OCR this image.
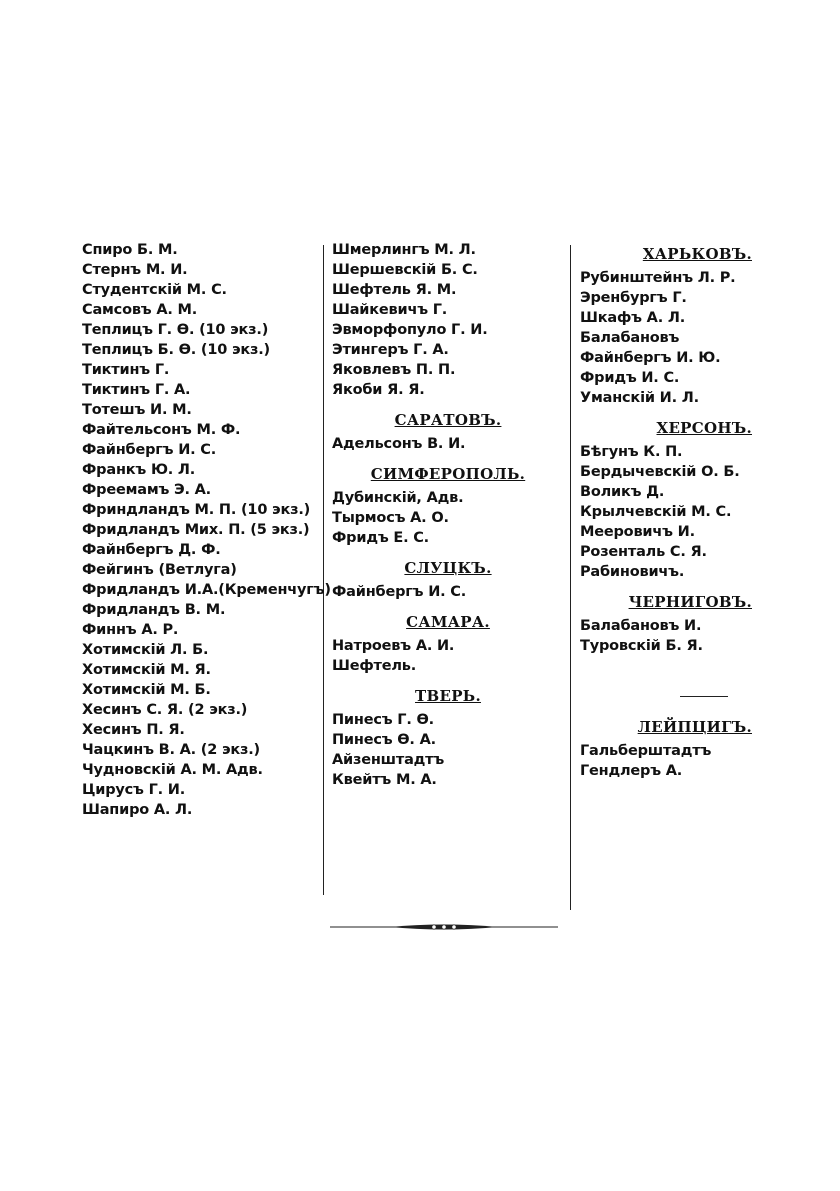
Спиро Б. М.
Стернъ М. И.
Студентскій М. С.
Самсовъ А. М.
Теплицъ Г. Ѳ. (10 экз.)
Теплицъ Б. Ѳ. (10 экз.)
Тиктинъ Г.
Тиктинъ Г. А.
Тотешъ И. М.
Файтельсонъ М. Ф.
Файнбергъ И. С.
Франкъ Ю. Л.
Фреемамъ Э. А.
Фриндландъ М. П. (10 экз.)
Фридландъ Мих. П. (5 экз.)
Файнбергъ Д. Ф.
Фейгинъ (Ветлуга)
Фридландъ И.А.(Кременчугъ)
Фридландъ В. М.
Финнъ А. Р.
Хотимскій Л. Б.
Хотимскій М. Я.
Хотимскій М. Б.
Хесинъ С. Я. (2 экз.)
Хесинъ П. Я.
Чацкинъ В. А. (2 экз.)
Чудновскій А. М. Адв.
Цирусъ Г. И.
Шапиро А. Л.
Шмерлингъ М. Л.
Шершевскій Б. С.
Шефтель Я. М.
Шайкевичъ Г.
Эвморфопуло Г. И.
Этингеръ Г. А.
Яковлевъ П. П.
Якоби Я. Я.
САРАТОВЪ.
Адельсонъ В. И.
СИМФЕРОПОЛЬ.
Дубинскій, Адв.
Тырмосъ А. О.
Фридъ Е. С.
СЛУЦКЪ.
Файнбергъ И. С.
САМАРА.
Натроевъ А. И.
Шефтель.
ТВЕРЬ.
Пинесъ Г. Ѳ.
Пинесъ Ѳ. А.
Айзенштадтъ
Квейтъ М. А.
ХАРЬКОВЪ.
Рубинштейнъ Л. Р.
Эренбургъ Г.
Шкафъ А. Л.
Балабановъ
Файнбергъ И. Ю.
Фридъ И. С.
Уманскій И. Л.
ХЕРСОНЪ.
Бѣгунъ К. П.
Бердычевскій О. Б.
Воликъ Д.
Крылчевскій М. С.
Мееровичъ И.
Розенталь С. Я.
Рабиновичъ.
ЧЕРНИГОВЪ.
Балабановъ И.
Туровскій Б. Я.
ЛЕЙПЦИГЪ.
Гальберштадтъ
Гендлеръ А.
